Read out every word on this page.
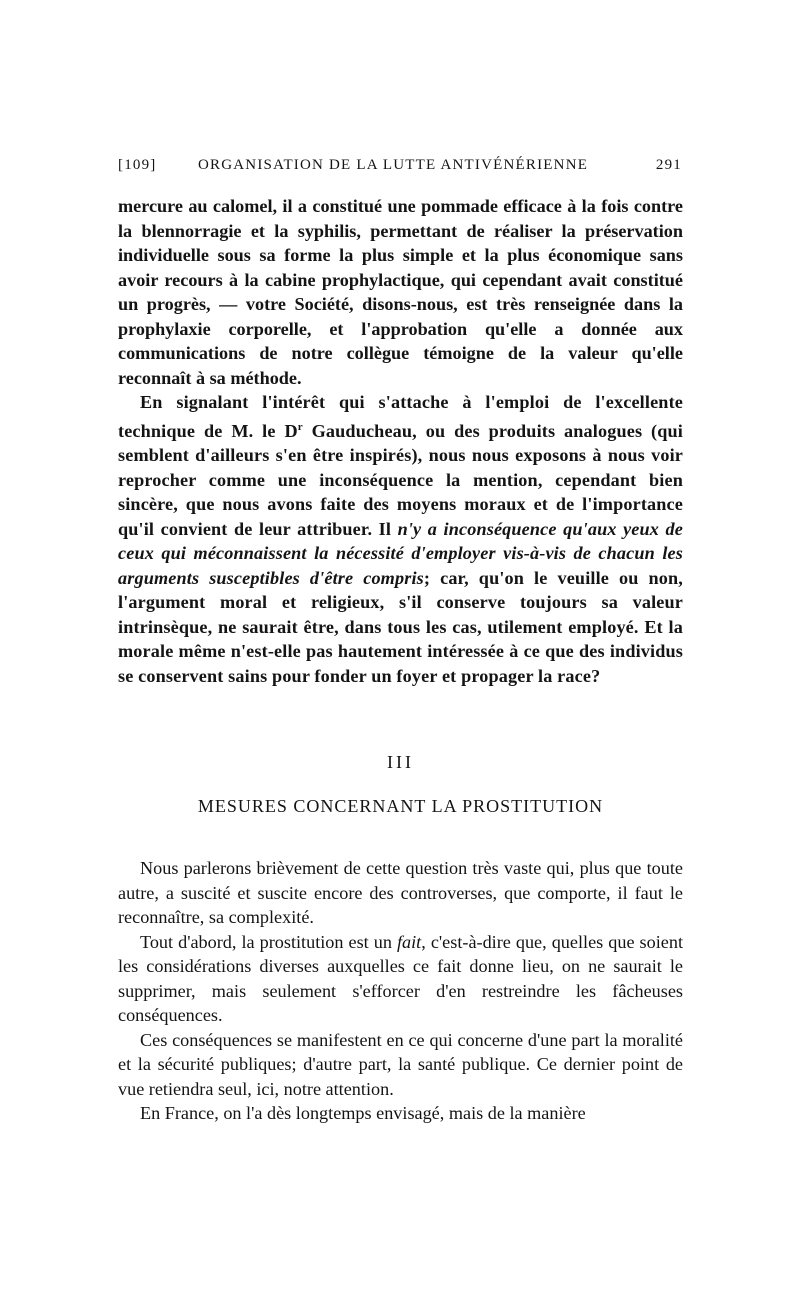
[109]	ORGANISATION DE LA LUTTE ANTIVÉNÉRIENNE	291

mercure au calomel, il a constitué une pommade efficace à la fois contre la blennorragie et la syphilis, permettant de réaliser la préservation individuelle sous sa forme la plus simple et la plus économique sans avoir recours à la cabine prophylactique, qui cependant avait constitué un progrès, — votre Société, disons-nous, est très renseignée dans la prophylaxie corporelle, et l'approbation qu'elle a donnée aux communications de notre collègue témoigne de la valeur qu'elle reconnaît à sa méthode.

En signalant l'intérêt qui s'attache à l'emploi de l'excellente technique de M. le $D^r$ Gauducheau, ou des produits analogues (qui semblent d'ailleurs s'en être inspirés), nous nous exposons à nous voir reprocher comme une inconséquence la mention, cependant bien sincère, que nous avons faite des moyens moraux et de l'importance qu'il convient de leur attribuer. Il n'y a inconséquence qu'aux yeux de ceux qui méconnaissent la nécessité d'employer vis-à-vis de chacun les arguments susceptibles d'être compris; car, qu'on le veuille ou non, l'argument moral et religieux, s'il conserve toujours sa valeur intrinsèque, ne saurait être, dans tous les cas, utilement employé. Et la morale même n'est-elle pas hautement intéressée à ce que des individus se conservent sains pour fonder un foyer et propager la race?

III
MESURES CONCERNANT LA PROSTITUTION

Nous parlerons brièvement de cette question très vaste qui, plus que toute autre, a suscité et suscite encore des controverses, que comporte, il faut le reconnaître, sa complexité.

Tout d'abord, la prostitution est un fait, c'est-à-dire que, quelles que soient les considérations diverses auxquelles ce fait donne lieu, on ne saurait le supprimer, mais seulement s'efforcer d'en restreindre les fâcheuses conséquences.

Ces conséquences se manifestent en ce qui concerne d'une part la moralité et la sécurité publiques; d'autre part, la santé publique. Ce dernier point de vue retiendra seul, ici, notre attention.

En France, on l'a dès longtemps envisagé, mais de la manière
